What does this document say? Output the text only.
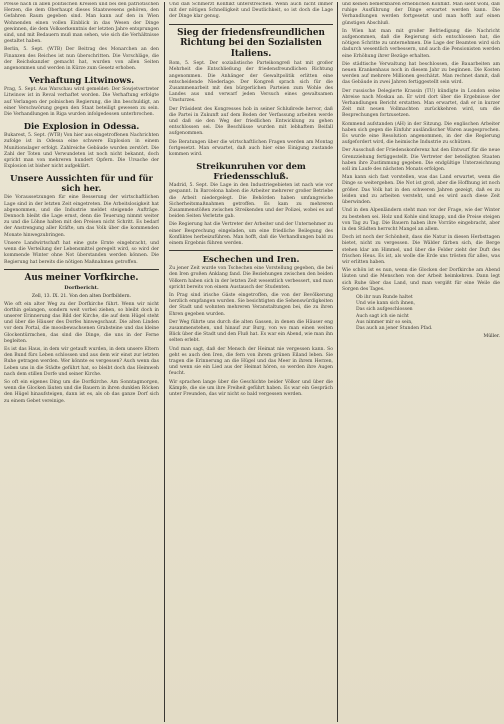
Preise nach in allen politischen Kreisen und bei den patriotischen Herzen, die dem Oberhaupt dieses Staatswesens gehören, den Gefahren Raum gegeben sind. Man kann auf den in Wien Wohnenden einen vollen Einblick in das Wesen der Dinge gewinnen, die dem Volkserkenntnis der letzten Jahre entsprungen sind, und mit Bedauern muß man sehen, wie sich die Verhältnisse gestaltet haben.

Berlin, 5. Sept. (WTB) Der Beitrag des Monarchen an den Finanzen des Reiches ist nun überschritten. Die Vorschläge, die der Reichskanzler gemacht hat, wurden von allen Seiten angenommen und werden in Kürze zum Gesetz erhoben.

Verhaftung Litwinows.

Prag, 5. Sept. Aus Warschau wird gemeldet: Der Sowjetvertreter Litwinow ist in Reval verhaftet worden. Die Verhaftung erfolgte auf Verlangen der polnischen Regierung, die ihn beschuldigt, an einer Verschwörung gegen den Staat beteiligt gewesen zu sein. Die Verhandlungen in Riga wurden infolgedessen unterbrochen.

Die Explosion in Odessa.

Bukarest, 5. Sept. (WTB) Von hier aus eingetroffenen Nachrichten zufolge ist in Odessa eine schwere Explosion in einem Munitionslager erfolgt. Zahlreiche Gebäude wurden zerstört. Die Zahl der Toten und Verwundeten ist noch nicht bekannt, doch spricht man von mehreren hundert Opfern. Die Ursache der Explosion ist bisher nicht aufgeklärt.

Unsere Aussichten für und für sich her.

Die Voraussetzungen für eine Besserung der wirtschaftlichen Lage sind in der letzten Zeit eingetreten. Die Arbeitslosigkeit hat abgenommen, und die Industrie meldet steigende Aufträge. Dennoch bleibt die Lage ernst, denn die Teuerung nimmt weiter zu und die Löhne halten mit den Preisen nicht Schritt. Es bedarf der Anstrengung aller Kräfte, um das Volk über die kommenden Monate hinwegzubringen.

Unsere Landwirtschaft hat eine gute Ernte eingebracht, und wenn die Verteilung der Lebensmittel geregelt wird, so wird der kommende Winter ohne Not überstanden werden können. Die Regierung hat bereits die nötigen Maßnahmen getroffen.

Aus meiner Vorfkirche.
Dorfbericht.
Zell, 13. IX. 21. Von den alten Dorfbildern.

Wie oft ein alter Weg zu der Dorfkirche führt. Wenn wir nicht dorthin gelangen, sondern weit vorbei ziehen, so bleibt doch in unserer Erinnerung das Bild der Kirche, die auf dem Hügel steht und über die Häuser des Dorfes hinwegschaut. Die alten Linden vor dem Portal, die moosbewachsenen Grabsteine und das kleine Glockentürmchen, das sind die Dinge, die uns in der Ferne begleiten.

Es ist das Haus, in dem wir getauft wurden, in dem unsere Eltern den Bund fürs Leben schlossen und aus dem wir einst zur letzten Ruhe getragen werden. Wer könnte es vergessen? Auch wenn das Leben uns in die Städte geführt hat, so bleibt doch das Heimweh nach dem stillen Dorfe und seiner Kirche.

So oft ein eigenes Ding um die Dorfkirche. Am Sonntagmorgen, wenn die Glocken läuten und die Bauern in ihren dunklen Röcken den Hügel hinaufsteigen, dann ist es, als ob das ganze Dorf sich zu einem Gebet vereinige.

Und daß Schmerzt Konflikt unterstreichen. Wenn auch nicht immer mit der nötigen Schnelligkeit und Deutlichkeit, so ist doch die Lage der Dinge klar genug.

Sieg der friedensfreundlichen Richtung bei den Sozialisten Italiens.

Rom, 5. Sept. Der sozialistische Parteikongreß hat mit großer Mehrheit die Entschließung der friedensfreundlichen Richtung angenommen. Die Anhänger der Gewaltpolitik erlitten eine entscheidende Niederlage. Der Kongreß sprach sich für die Zusammenarbeit mit den bürgerlichen Parteien zum Wohle des Landes aus und verwarf jeden Versuch eines gewaltsamen Umsturzes.

Der Präsident des Kongresses hob in seiner Schlußrede hervor, daß die Partei in Zukunft auf dem Boden der Verfassung arbeiten werde und daß sie den Weg der friedlichen Entwicklung zu gehen entschlossen sei. Die Beschlüsse wurden mit lebhaftem Beifall aufgenommen.

Die Beratungen über die wirtschaftlichen Fragen werden am Montag fortgesetzt. Man erwartet, daß auch hier eine Einigung zustande kommen wird.

Streikunruhen vor dem Friedensschluß.

Madrid, 5. Sept. Die Lage in den Industriegebieten ist nach wie vor gespannt. In Barcelona haben die Arbeiter mehrerer großer Betriebe die Arbeit niedergelegt. Die Behörden haben umfangreiche Sicherheitsmaßnahmen getroffen. Es kam zu mehreren Zusammenstößen zwischen Streikenden und der Polizei, wobei es auf beiden Seiten Verletzte gab.

Die Regierung hat die Vertreter der Arbeiter und der Unternehmer zu einer Besprechung eingeladen, um eine friedliche Beilegung des Konfliktes herbeizuführen. Man hofft, daß die Verhandlungen bald zu einem Ergebnis führen werden.

Eschechen und Iren.

Zu jener Zeit wurde von Tschechen eine Vorstellung gegeben, die bei den Iren großen Anklang fand. Die Beziehungen zwischen den beiden Völkern haben sich in der letzten Zeit wesentlich verbessert, und man spricht bereits von einem Austausch der Studenten.

In Prag sind irische Gäste eingetroffen, die von der Bevölkerung herzlich empfangen wurden. Sie besichtigten die Sehenswürdigkeiten der Stadt und wohnten mehreren Veranstaltungen bei, die zu ihren Ehren gegeben wurden.

Der Weg führte uns durch die alten Gassen, in denen die Häuser eng zusammenstehen, und hinauf zur Burg, von wo man einen weiten Blick über die Stadt und den Fluß hat. Es war ein Abend, wie man ihn selten erlebt.

Und man sagt, daß der Mensch der Heimat nie vergessen kann. So geht es auch den Iren, die fern von ihrem grünen Eiland leben. Sie tragen die Erinnerung an die Hügel und das Meer in ihrem Herzen, und wenn sie ein Lied aus der Heimat hören, so werden ihre Augen feucht.

Wir sprachen lange über die Geschichte beider Völker und über die Kämpfe, die sie um ihre Freiheit geführt haben. Es war ein Gespräch unter Freunden, das wir nicht so bald vergessen werden.

und keinen bemerkbaren erheblichen Konflikt. Man sieht wohl, daß ruhige Ausführung der Dinge erwartet werden kann. Die Verhandlungen werden fortgesetzt und man hofft auf einen günstigen Abschluß.

In Wien hat man mit großer Befriedigung die Nachricht aufgenommen, daß die Regierung sich entschlossen hat, die nötigen Schritte zu unternehmen. Die Lage der Beamten wird sich dadurch wesentlich verbessern, und auch die Pensionisten werden eine Erhöhung ihrer Bezüge erhalten.

Die städtische Verwaltung hat beschlossen, die Bauarbeiten am neuen Krankenhaus noch in diesem Jahr zu beginnen. Die Kosten werden auf mehrere Millionen geschätzt. Man rechnet damit, daß das Gebäude in zwei Jahren fertiggestellt sein wird.

Der russische Delegierte Krassin (TU) kündigte in London seine Abreise nach Moskau an. Er wird dort über die Ergebnisse der Verhandlungen Bericht erstatten. Man erwartet, daß er in kurzer Zeit mit neuen Vollmachten zurückkehren wird, um die Besprechungen fortzusetzen.

Kommend aufstanden (AH) in der Sitzung. Die englischen Arbeiter haben sich gegen die Einfuhr ausländischer Waren ausgesprochen. Es wurde eine Resolution angenommen, in der die Regierung aufgefordert wird, die heimische Industrie zu schützen.

Der Ausschuß der Friedenskonferenz hat den Entwurf für die neue Grenzziehung fertiggestellt. Die Vertreter der beteiligten Staaten haben ihre Zustimmung gegeben. Die endgültige Unterzeichnung soll im Laufe des nächsten Monats erfolgen.

Man kann sich fast vorstellen, was das Land erwartet, wenn die Dinge so weitergehen. Die Not ist groß, aber die Hoffnung ist noch größer. Das Volk hat in den schweren Jahren gezeigt, daß es zu leiden und zu arbeiten versteht, und es wird auch diese Zeit überwinden.

Und in den Alpenländern steht man vor der Frage, wie der Winter zu bestehen sei. Holz und Kohle sind knapp, und die Preise steigen von Tag zu Tag. Die Bauern haben ihre Vorräte eingebracht, aber in den Städten herrscht Mangel an allem.

Doch ist noch der Schönheit, dass die Natur in diesen Herbsttagen bietet, nicht zu vergessen. Die Wälder färben sich, die Berge stehen klar am Himmel, und über die Felder zieht der Duft des frischen Heus. Es ist, als wolle die Erde uns trösten für alles, was wir erlitten haben.

Wie schön ist es nun, wenn die Glocken der Dorfkirche am Abend läuten und die Menschen von der Arbeit heimkehren. Dann legt sich Ruhe über das Land, und man vergißt für eine Weile die Sorgen des Tages.

Ob ihr nun Runde haltet
Und wie kann sich ihnen,
Das sich aufgeschlossen
Auch sagt ich sie nicht
Aus nimmer mir so sein,
Das auch an jener Stunden Pfad.
Müller.
